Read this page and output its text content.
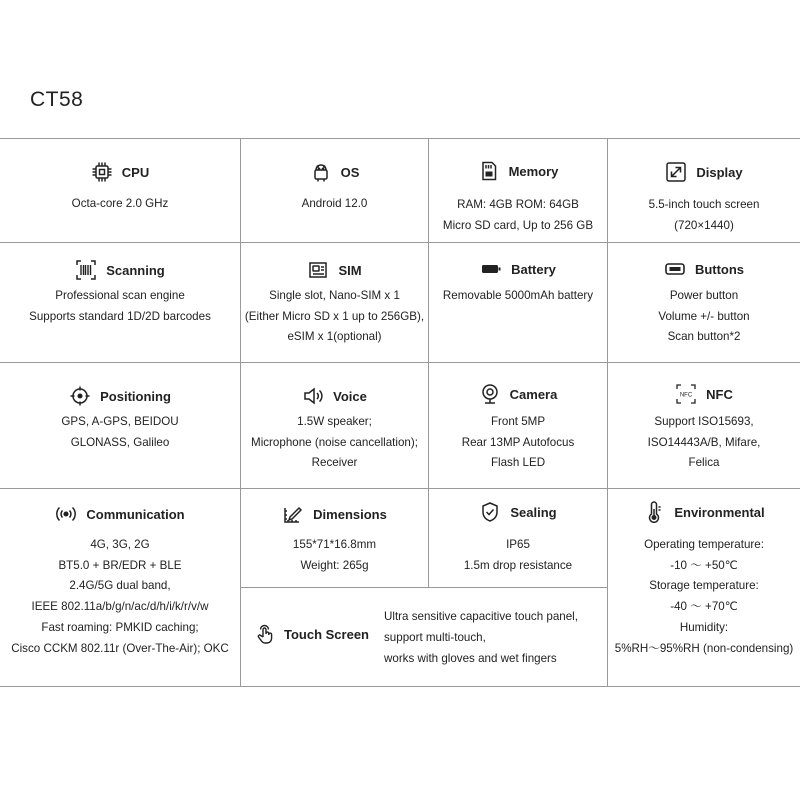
CT58
CPU
Octa-core 2.0 GHz
OS
Android 12.0
Memory
RAM: 4GB ROM: 64GB
Micro SD card, Up to 256 GB
Display
5.5-inch touch screen
(720×1440)
Scanning
Professional scan engine
Supports standard 1D/2D barcodes
SIM
Single slot, Nano-SIM x 1
(Either Micro SD x 1 up to 256GB),
eSIM x 1(optional)
Battery
Removable 5000mAh battery
Buttons
Power button
Volume +/- button
Scan button*2
Positioning
GPS, A-GPS, BEIDOU
GLONASS, Galileo
Voice
1.5W speaker;
Microphone (noise cancellation);
Receiver
Camera
Front 5MP
Rear 13MP Autofocus
Flash LED
NFC NFC
Support ISO15693,
ISO14443A/B, Mifare,
Felica
Communication
4G, 3G, 2G
BT5.0 + BR/EDR + BLE
2.4G/5G dual band,
IEEE 802.11a/b/g/n/ac/d/h/i/k/r/v/w
Fast roaming: PMKID caching;
Cisco CCKM 802.11r (Over-The-Air); OKC
Dimensions
155*71*16.8mm
Weight: 265g
Sealing
IP65
1.5m drop resistance
Environmental
Operating temperature:
-10 ～ +50℃
Storage temperature:
-40 ～ +70℃
Humidity:
5%RH～95%RH (non-condensing)
Touch Screen
Ultra sensitive capacitive touch panel,
support multi-touch,
works with gloves and wet fingers
